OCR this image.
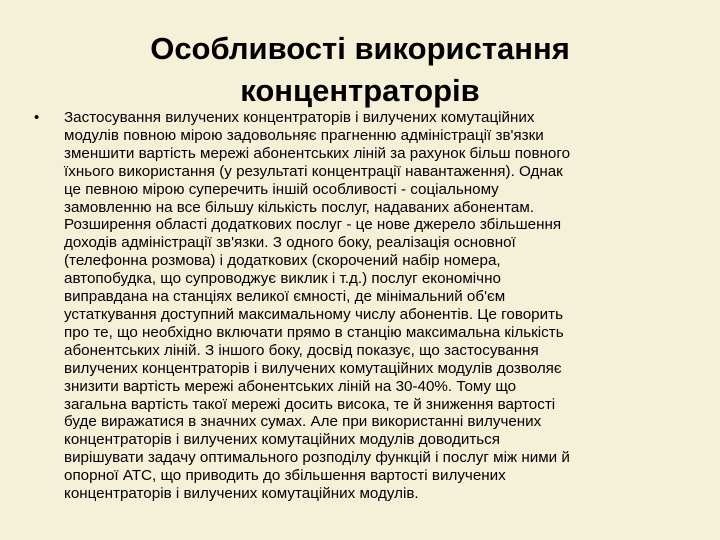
Особливості використання
концентраторів
• Застосування вилучених концентраторів і вилучених комутаційних
модулів повною мірою задовольняє прагненню адміністрації зв'язки
зменшити вартість мережі абонентських ліній за рахунок більш повного
їхнього використання (у результаті концентрації навантаження). Однак
це певною мірою суперечить іншій особливості - соціальному
замовленню на все більшу кількість послуг, надаваних абонентам.
Розширення області додаткових послуг - це нове джерело збільшення
доходів адміністрації зв'язки. З одного боку, реалізація основної
(телефонна розмова) і додаткових (скорочений набір номера,
автопобудка, що супроводжує виклик і т.д.) послуг економічно
виправдана на станціях великої ємності, де мінімальний об'єм
устаткування доступний максимальному числу абонентів. Це говорить
про те, що необхідно включати прямо в станцію максимальна кількість
абонентських ліній. З іншого боку, досвід показує, що застосування
вилучених концентраторів і вилучених комутаційних модулів дозволяє
знизити вартість мережі абонентських ліній на 30-40%. Тому що
загальна вартість такої мережі досить висока, те й зниження вартості
буде виражатися в значних сумах. Але при використанні вилучених
концентраторів і вилучених комутаційних модулів доводиться
вирішувати задачу оптимального розподілу функцій і послуг між ними й
опорної АТС, що приводить до збільшення вартості вилучених
концентраторів і вилучених комутаційних модулів.
